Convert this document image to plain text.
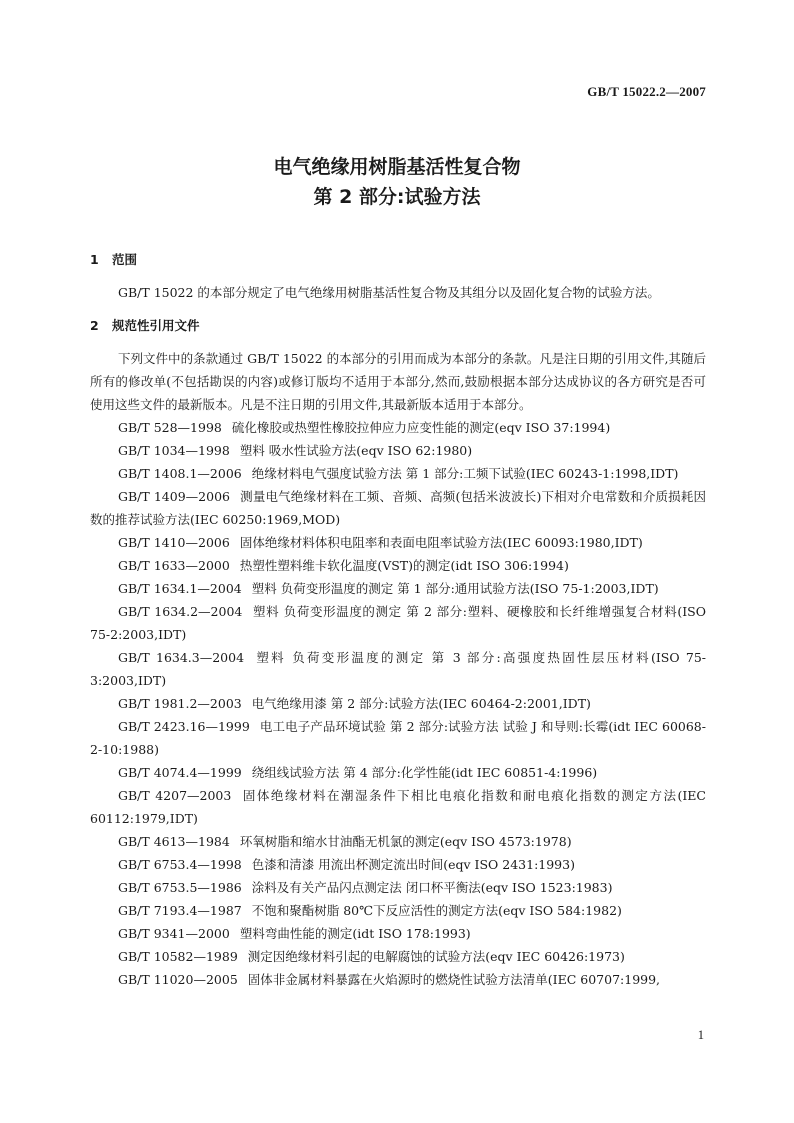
GB/T 15022.2—2007
电气绝缘用树脂基活性复合物
第 2 部分:试验方法
1 范围

GB/T 15022 的本部分规定了电气绝缘用树脂基活性复合物及其组分以及固化复合物的试验方法。

2 规范性引用文件

下列文件中的条款通过 GB/T 15022 的本部分的引用而成为本部分的条款。凡是注日期的引用文件,其随后所有的修改单(不包括勘误的内容)或修订版均不适用于本部分,然而,鼓励根据本部分达成协议的各方研究是否可使用这些文件的最新版本。凡是不注日期的引用文件,其最新版本适用于本部分。

GB/T 528—1998 硫化橡胶或热塑性橡胶拉伸应力应变性能的测定(eqv ISO 37:1994)

GB/T 1034—1998 塑料 吸水性试验方法(eqv ISO 62:1980)

GB/T 1408.1—2006 绝缘材料电气强度试验方法 第 1 部分:工频下试验(IEC 60243-1:1998,IDT)

GB/T 1409—2006 测量电气绝缘材料在工频、音频、高频(包括米波波长)下相对介电常数和介质损耗因数的推荐试验方法(IEC 60250:1969,MOD)

GB/T 1410—2006 固体绝缘材料体积电阻率和表面电阻率试验方法(IEC 60093:1980,IDT)

GB/T 1633—2000 热塑性塑料维卡软化温度(VST)的测定(idt ISO 306:1994)

GB/T 1634.1—2004 塑料 负荷变形温度的测定 第 1 部分:通用试验方法(ISO 75-1:2003,IDT)

GB/T 1634.2—2004 塑料 负荷变形温度的测定 第 2 部分:塑料、硬橡胶和长纤维增强复合材料(ISO 75-2:2003,IDT)

GB/T 1634.3—2004 塑料 负荷变形温度的测定 第 3 部分:高强度热固性层压材料(ISO 75-3:2003,IDT)

GB/T 1981.2—2003 电气绝缘用漆 第 2 部分:试验方法(IEC 60464-2:2001,IDT)

GB/T 2423.16—1999 电工电子产品环境试验 第 2 部分:试验方法 试验 J 和导则:长霉(idt IEC 60068-2-10:1988)

GB/T 4074.4—1999 绕组线试验方法 第 4 部分:化学性能(idt IEC 60851-4:1996)

GB/T 4207—2003 固体绝缘材料在潮湿条件下相比电痕化指数和耐电痕化指数的测定方法(IEC 60112:1979,IDT)

GB/T 4613—1984 环氧树脂和缩水甘油酯无机氯的测定(eqv ISO 4573:1978)

GB/T 6753.4—1998 色漆和清漆 用流出杯测定流出时间(eqv ISO 2431:1993)

GB/T 6753.5—1986 涂料及有关产品闪点测定法 闭口杯平衡法(eqv ISO 1523:1983)

GB/T 7193.4—1987 不饱和聚酯树脂 80℃下反应活性的测定方法(eqv ISO 584:1982)

GB/T 9341—2000 塑料弯曲性能的测定(idt ISO 178:1993)

GB/T 10582—1989 测定因绝缘材料引起的电解腐蚀的试验方法(eqv IEC 60426:1973)

GB/T 11020—2005 固体非金属材料暴露在火焰源时的燃烧性试验方法清单(IEC 60707:1999,

1
